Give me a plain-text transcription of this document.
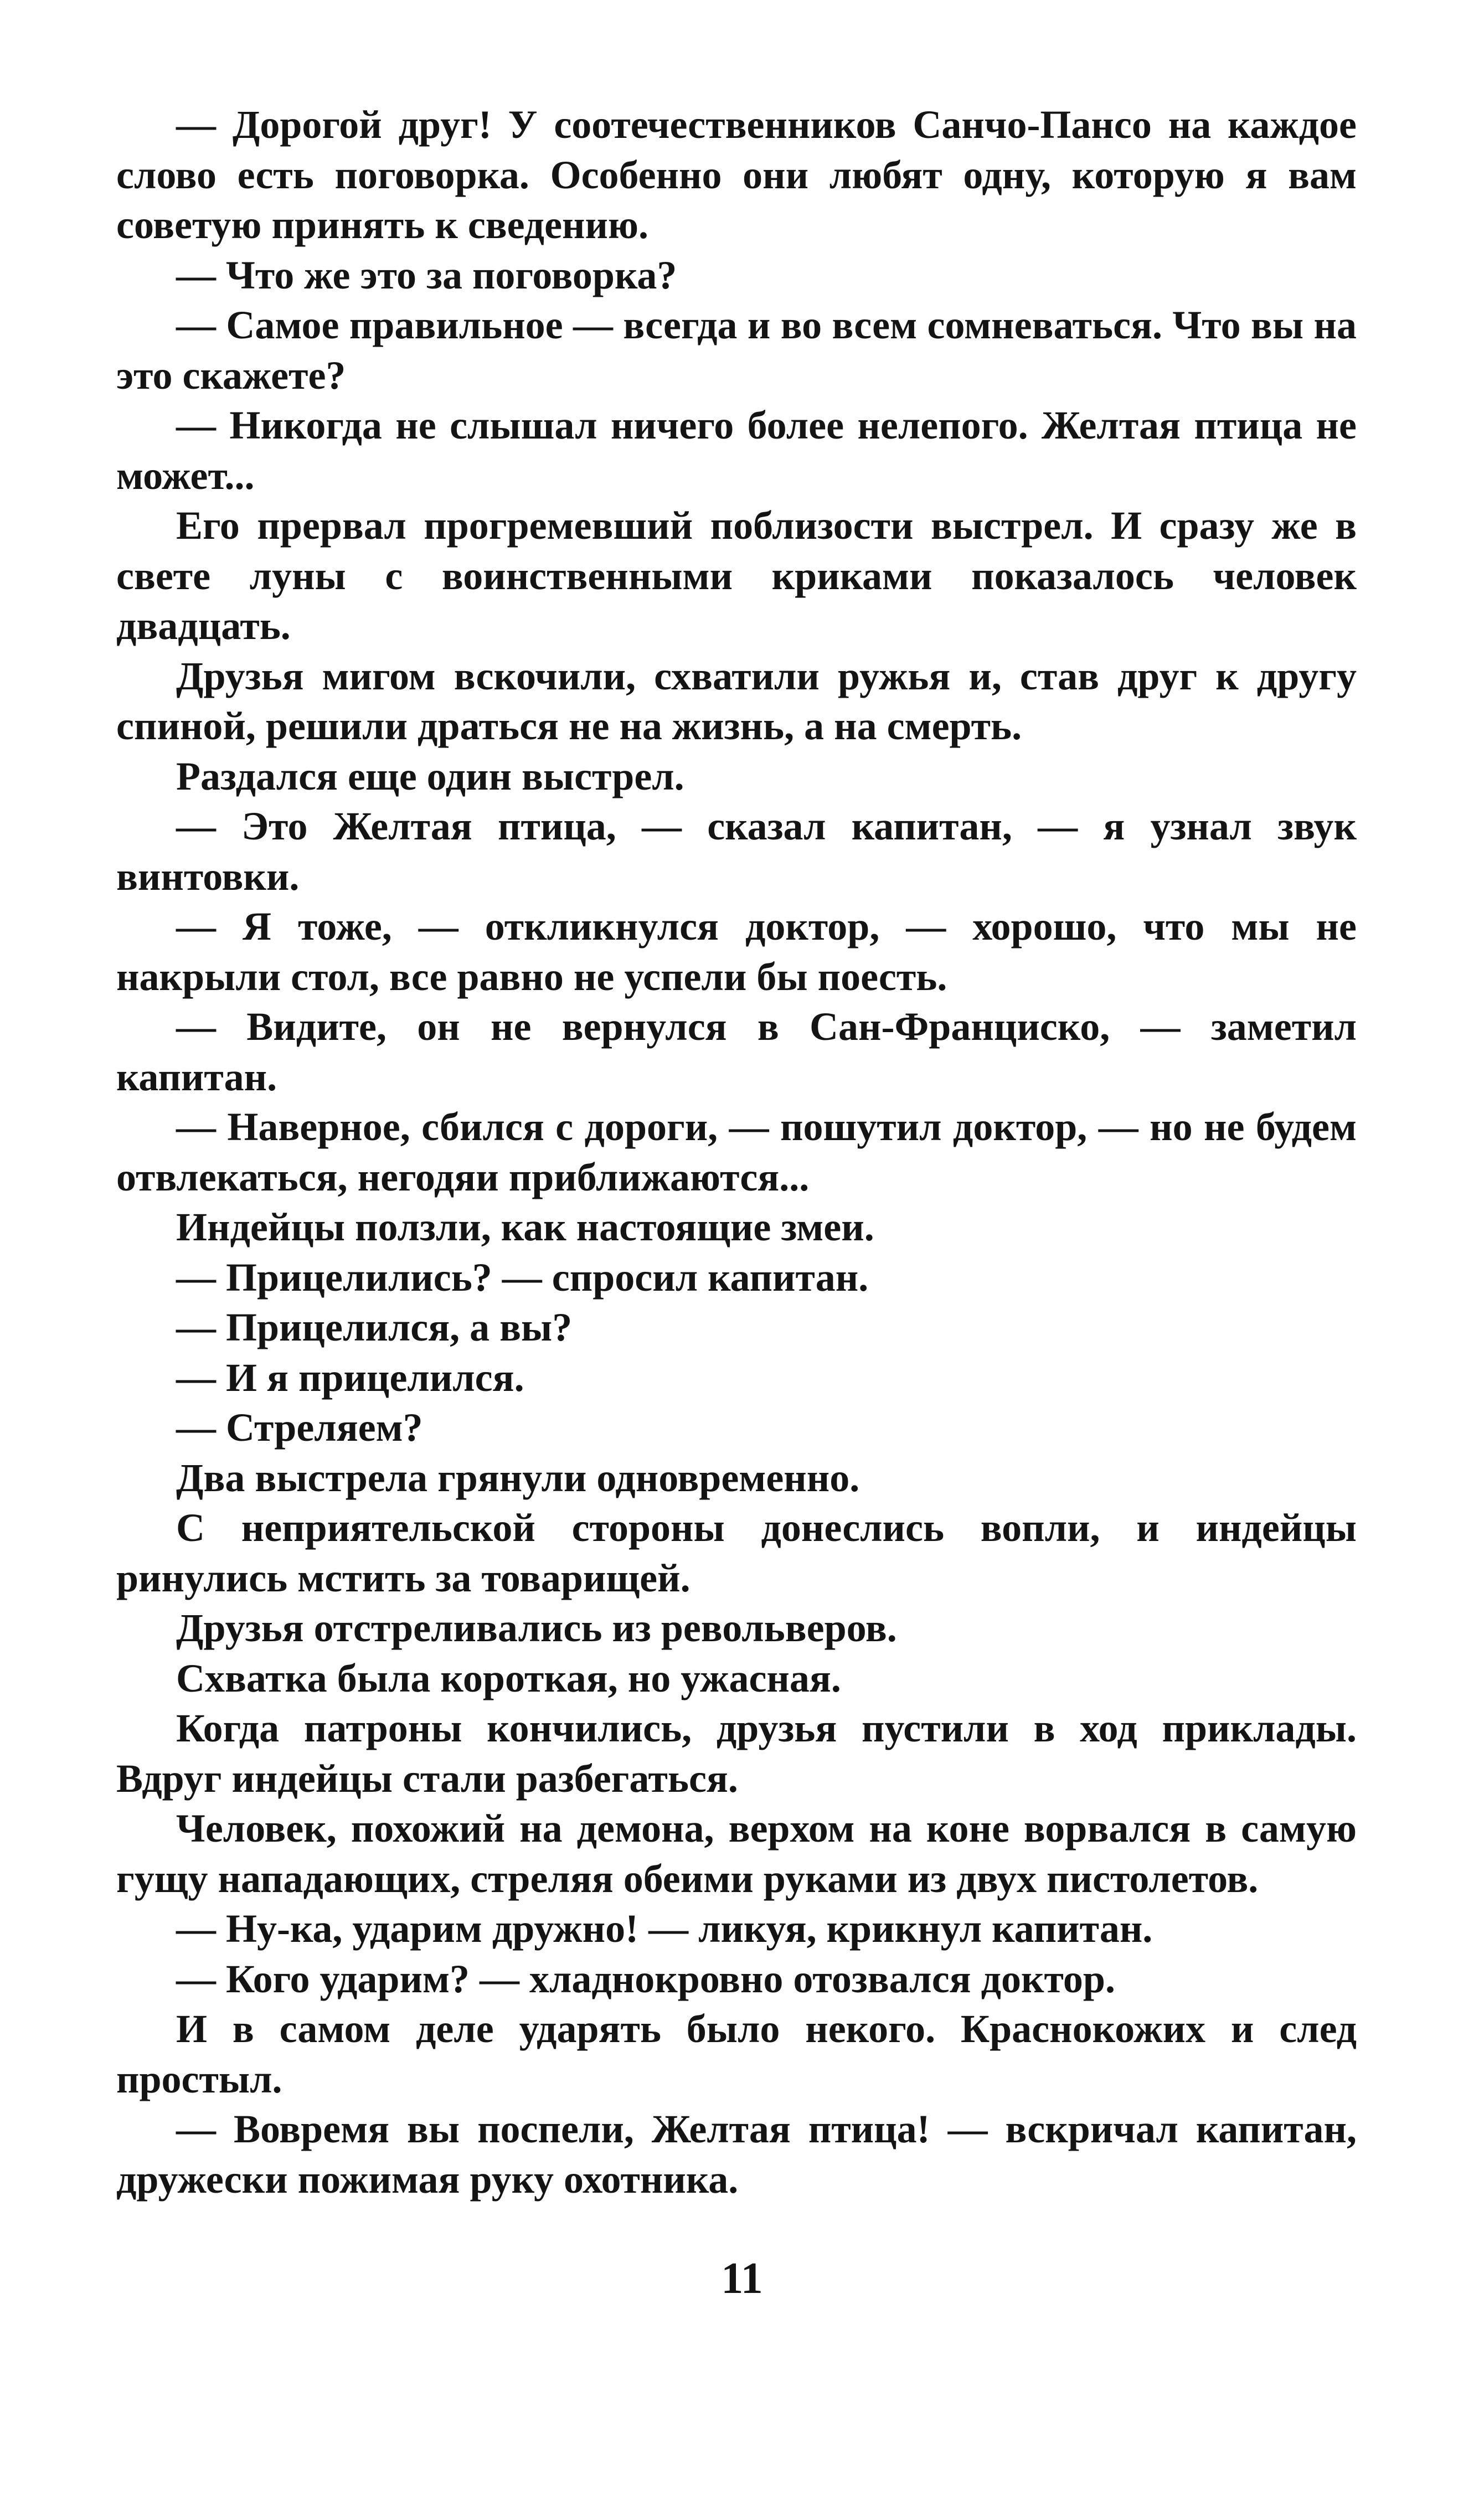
— Дорогой друг! У соотечественников Санчо-Пансо на каждое слово есть поговорка. Особенно они любят одну, которую я вам советую принять к сведению.

— Что же это за поговорка?

— Самое правильное — всегда и во всем сомневаться. Что вы на это скажете?

— Никогда не слышал ничего более нелепого. Желтая птица не может...

Его прервал прогремевший поблизости выстрел. И сразу же в свете луны с воинственными криками показалось человек двадцать.

Друзья мигом вскочили, схватили ружья и, став друг к другу спиной, решили драться не на жизнь, а на смерть.

Раздался еще один выстрел.

— Это Желтая птица, — сказал капитан, — я узнал звук винтовки.

— Я тоже, — откликнулся доктор, — хорошо, что мы не накрыли стол, все равно не успели бы поесть.

— Видите, он не вернулся в Сан-Франциско, — заметил капитан.

— Наверное, сбился с дороги, — пошутил доктор, — но не будем отвлекаться, негодяи приближаются...

Индейцы ползли, как настоящие змеи.

— Прицелились? — спросил капитан.

— Прицелился, а вы?

— И я прицелился.

— Стреляем?

Два выстрела грянули одновременно.

С неприятельской стороны донеслись вопли, и индейцы ринулись мстить за товарищей.

Друзья отстреливались из револьверов.

Схватка была короткая, но ужасная.

Когда патроны кончились, друзья пустили в ход приклады. Вдруг индейцы стали разбегаться.

Человек, похожий на демона, верхом на коне ворвался в самую гущу нападающих, стреляя обеими руками из двух пистолетов.

— Ну-ка, ударим дружно! — ликуя, крикнул капитан.

— Кого ударим? — хладнокровно отозвался доктор.

И в самом деле ударять было некого. Краснокожих и след простыл.

— Вовремя вы поспели, Желтая птица! — вскричал капитан, дружески пожимая руку охотника.

11
